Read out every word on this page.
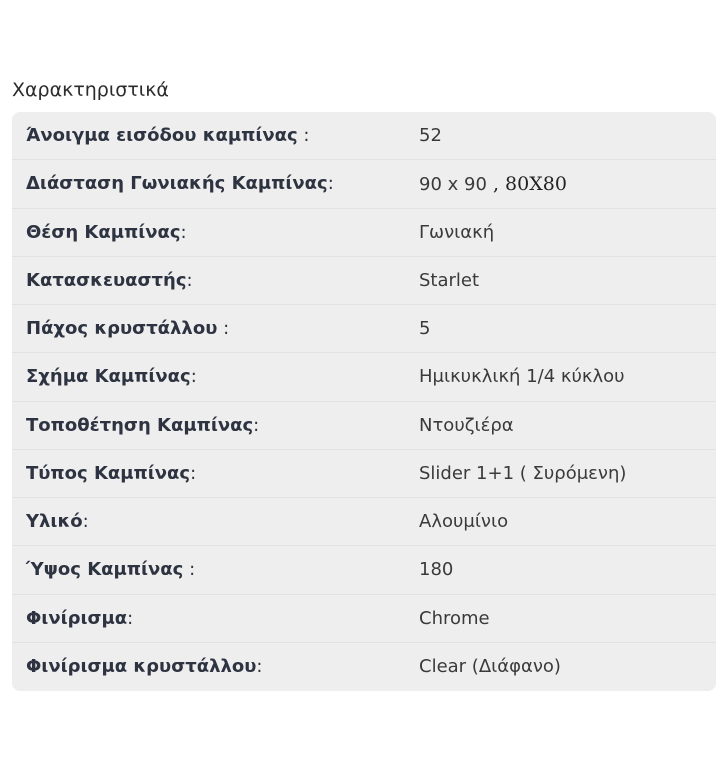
Χαρακτηριστικά
Άνοιγμα εισόδου καμπίνας :	52
Διάσταση Γωνιακής Καμπίνας:	90 x 90 , 80X80
Θέση Καμπίνας:	Γωνιακή
Κατασκευαστής:	Starlet
Πάχος κρυστάλλου :	5
Σχήμα Καμπίνας:	Ημικυκλική 1/4 κύκλου
Τοποθέτηση Καμπίνας:	Ντουζιέρα
Τύπος Καμπίνας:	Slider 1+1 ( Συρόμενη)
Υλικό:	Αλουμίνιο
Ύψος Καμπίνας :	180
Φινίρισμα:	Chrome
Φινίρισμα κρυστάλλου:	Clear (Διάφανο)
